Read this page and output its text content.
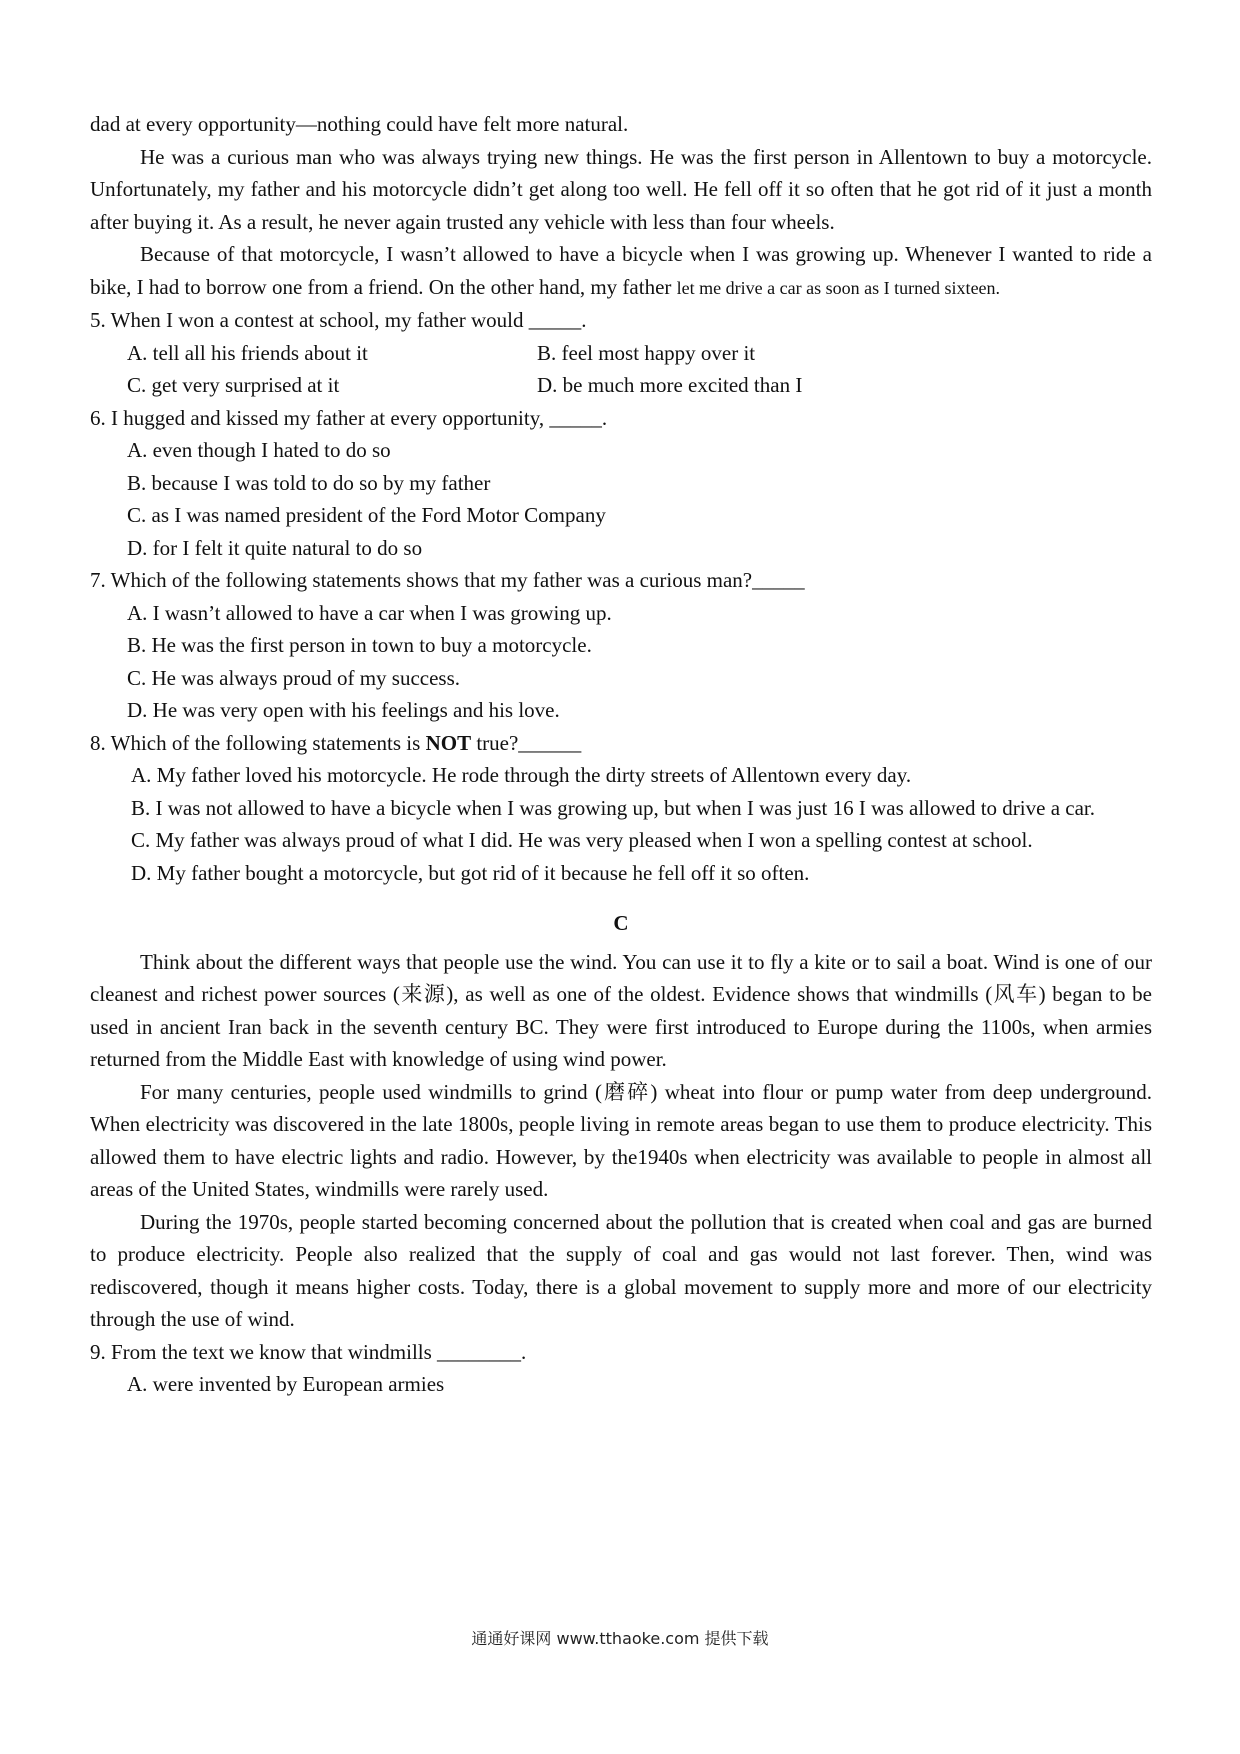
dad at every opportunity—nothing could have felt more natural.

He was a curious man who was always trying new things. He was the first person in Allentown to buy a motorcycle. Unfortunately, my father and his motorcycle didn’t get along too well. He fell off it so often that he got rid of it just a month after buying it. As a result, he never again trusted any vehicle with less than four wheels.

Because of that motorcycle, I wasn’t allowed to have a bicycle when I was growing up. Whenever I wanted to ride a bike, I had to borrow one from a friend. On the other hand, my father let me drive a car as soon as I turned sixteen.

5. When I won a contest at school, my father would _____.

A. tell all his friends about it	B. feel most happy over it
C. get very surprised at it	D. be much more excited than I

6. I hugged and kissed my father at every opportunity, _____.

A. even though I hated to do so

B. because I was told to do so by my father

C. as I was named president of the Ford Motor Company

D. for I felt it quite natural to do so

7. Which of the following statements shows that my father was a curious man?_____

A. I wasn’t allowed to have a car when I was growing up.

B. He was the first person in town to buy a motorcycle.

C. He was always proud of my success.

D. He was very open with his feelings and his love.

8. Which of the following statements is NOT true?______

A. My father loved his motorcycle. He rode through the dirty streets of Allentown every day.

B. I was not allowed to have a bicycle when I was growing up, but when I was just 16 I was allowed to drive a car.

C. My father was always proud of what I did. He was very pleased when I won a spelling contest at school.

D. My father bought a motorcycle, but got rid of it because he fell off it so often.

C

Think about the different ways that people use the wind. You can use it to fly a kite or to sail a boat. Wind is one of our cleanest and richest power sources (来源), as well as one of the oldest. Evidence shows that windmills (风车) began to be used in ancient Iran back in the seventh century BC. They were first introduced to Europe during the 1100s, when armies returned from the Middle East with knowledge of using wind power.

For many centuries, people used windmills to grind (磨碎) wheat into flour or pump water from deep underground. When electricity was discovered in the late 1800s, people living in remote areas began to use them to produce electricity. This allowed them to have electric lights and radio. However, by the1940s when electricity was available to people in almost all areas of the United States, windmills were rarely used.

During the 1970s, people started becoming concerned about the pollution that is created when coal and gas are burned to produce electricity. People also realized that the supply of coal and gas would not last forever. Then, wind was rediscovered, though it means higher costs. Today, there is a global movement to supply more and more of our electricity through the use of wind.

9. From the text we know that windmills ________.

A. were invented by European armies

通通好课网 www.tthaoke.com 提供下载
